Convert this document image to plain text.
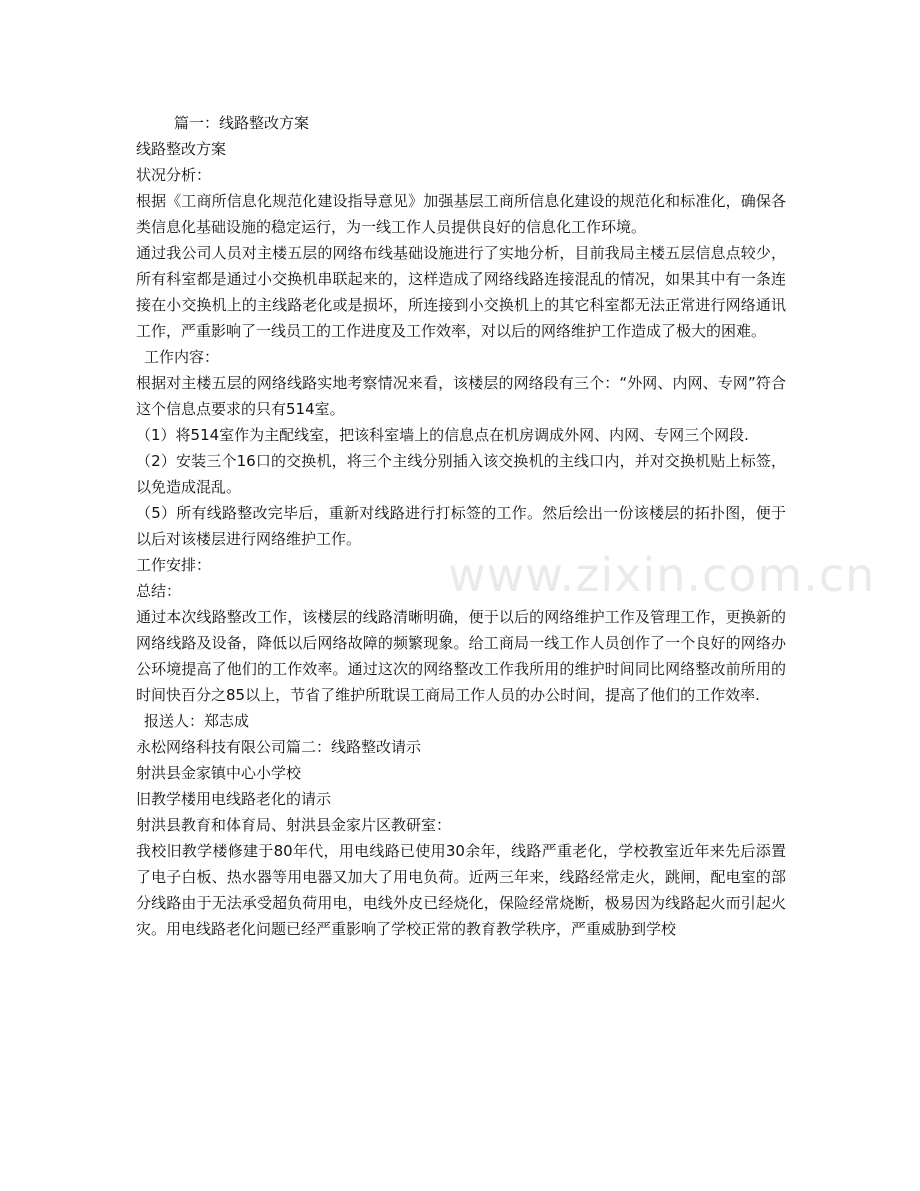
篇一：线路整改方案
线路整改方案
状况分析：
根据《工商所信息化规范化建设指导意见》加强基层工商所信息化建设的规范化和标准化，确保各类信息化基础设施的稳定运行，为一线工作人员提供良好的信息化工作环境。
通过我公司人员对主楼五层的网络布线基础设施进行了实地分析，目前我局主楼五层信息点较少，所有科室都是通过小交换机串联起来的，这样造成了网络线路连接混乱的情况，如果其中有一条连接在小交换机上的主线路老化或是损坏，所连接到小交换机上的其它科室都无法正常进行网络通讯工作，严重影响了一线员工的工作进度及工作效率，对以后的网络维护工作造成了极大的困难。
工作内容：
根据对主楼五层的网络线路实地考察情况来看，该楼层的网络段有三个：“外网、内网、专网”符合这个信息点要求的只有514室。
（1）将514室作为主配线室，把该科室墙上的信息点在机房调成外网、内网、专网三个网段.
（2）安装三个16口的交换机，将三个主线分别插入该交换机的主线口内，并对交换机贴上标签，以免造成混乱。
（5）所有线路整改完毕后，重新对线路进行打标签的工作。然后绘出一份该楼层的拓扑图，便于以后对该楼层进行网络维护工作。
工作安排：
总结：
通过本次线路整改工作，该楼层的线路清晰明确，便于以后的网络维护工作及管理工作，更换新的网络线路及设备，降低以后网络故障的频繁现象。给工商局一线工作人员创作了一个良好的网络办公环境提高了他们的工作效率。通过这次的网络整改工作我所用的维护时间同比网络整改前所用的时间快百分之85以上，节省了维护所耽误工商局工作人员的办公时间，提高了他们的工作效率.
报送人：郑志成
永松网络科技有限公司篇二：线路整改请示
射洪县金家镇中心小学校
旧教学楼用电线路老化的请示
射洪县教育和体育局、射洪县金家片区教研室：
我校旧教学楼修建于80年代，用电线路已使用30余年，线路严重老化，学校教室近年来先后添置了电子白板、热水器等用电器又加大了用电负荷。近两三年来，线路经常走火，跳闸，配电室的部分线路由于无法承受超负荷用电，电线外皮已经烧化，保险经常烧断，极易因为线路起火而引起火灾。用电线路老化问题已经严重影响了学校正常的教育教学秩序，严重威胁到学校
www.zixin.com.cn
